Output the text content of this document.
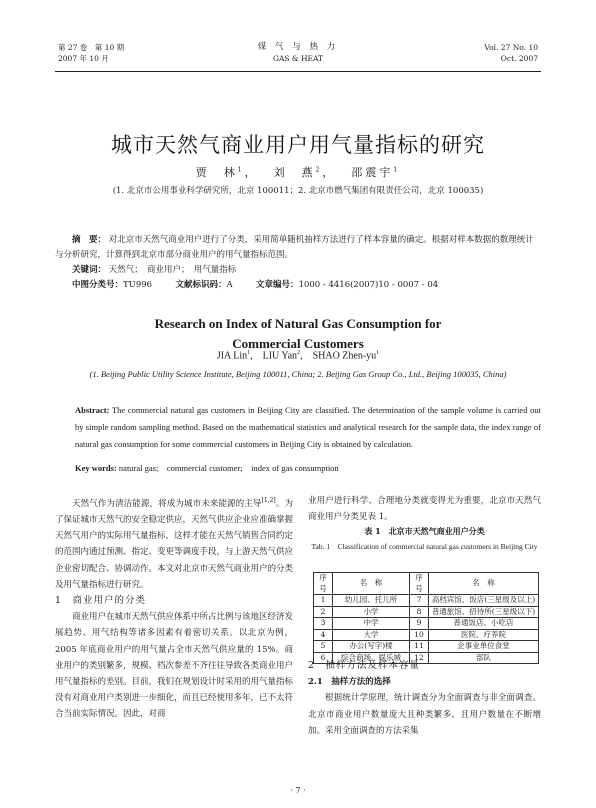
第 27 卷　第 10 期
2007 年 10 月
煤 气 与 热 力
GAS & HEAT
Vol. 27 No. 10
Oct. 2007
城市天然气商业用户用气量指标的研究
贾　林$^1$，　 刘　燕$^2$，　 邵震宇$^1$
(1. 北京市公用事业科学研究所，北京 100011；2. 北京市燃气集团有限责任公司，北京 100035)
摘　要： 对北京市天然气商业用户进行了分类，采用简单随机抽样方法进行了样本容量的确定。根据对样本数据的数理统计与分析研究，计算得到北京市部分商业用户的用气量指标范围。
关键词： 天然气；　商业用户；　用气量指标
中图分类号：TU996	文献标识码：A	文章编号：1000 - 4416(2007)10 - 0007 - 04
Research on Index of Natural Gas Consumption for
Commercial Customers
JIA Lin$^1$,    LIU Yan$^2$,    SHAO Zhen-$yu^1$
(1. Beijing Public Utility Science Institute, Beijing 100011, China; 2. Beijing Gas Group Co., Ltd., Beijing 100035, China)
Abstract: The commercial natural gas customers in Beijing City are classified. The determination of the sample volume is carried out by simple random sampling method. Based on the mathematical statistics and analytical research for the sample data, the index range of natural gas consumption for some commercial customers in Beijing City is obtained by calculation.
Key words: natural gas;　commercial customer;　index of gas consumption
天然气作为清洁能源，将成为城市未来能源的主导[1,2]。为了保证城市天然气的安全稳定供应，天然气供应企业应准确掌握天然气用户的实际用气量指标，这样才能在天然气销售合同约定的范围内通过预测、指定、变更等调度手段，与上游天然气供应企业密切配合、协调动作。本文对北京市天然气商业用户的分类及用气量指标进行研究。
1　商业用户的分类
商业用户在城市天然气供应体系中所占比例与该地区经济发展趋势、用气结构等诸多因素有着密切关系。以北京为例，2005 年底商业用户的用气量占全市天然气供应量的 15%。商业用户的类别繁多，规模、档次参差不齐往往导致各类商业用户用气量指标的差别。目前，我们在规划设计时采用的用气量指标没有对商业用户类别进一步细化，而且已经使用多年，已不太符合当前实际情况。因此，对商
业用户进行科学、合理地分类就变得尤为重要，北京市天然气商业用户分类见表 1。
表 1　北京市天然气商业用户分类
Tab. 1　Classification of commercial natural gas customers in Beijing City
序号	名　称	序号	名　称
1	幼儿园、托儿所	7	高档宾馆、饭店(三星级及以上)
2	小学	8	普通旅馆、招待所(三星级以下)
3	中学	9	普通饭店、小吃店
4	大学	10	医院、疗养院
5	办公(写字)楼	11	企事业单位食堂
6	综合商场、娱乐城	12	部队
2　抽样方法及样本容量
2.1　抽样方法的选择
根据统计学原理，统计调查分为全面调查与非全面调查。北京市商业用户数量庞大且种类繁多，且用户数量在不断增加。采用全面调查的方法采集
· 7 ·
